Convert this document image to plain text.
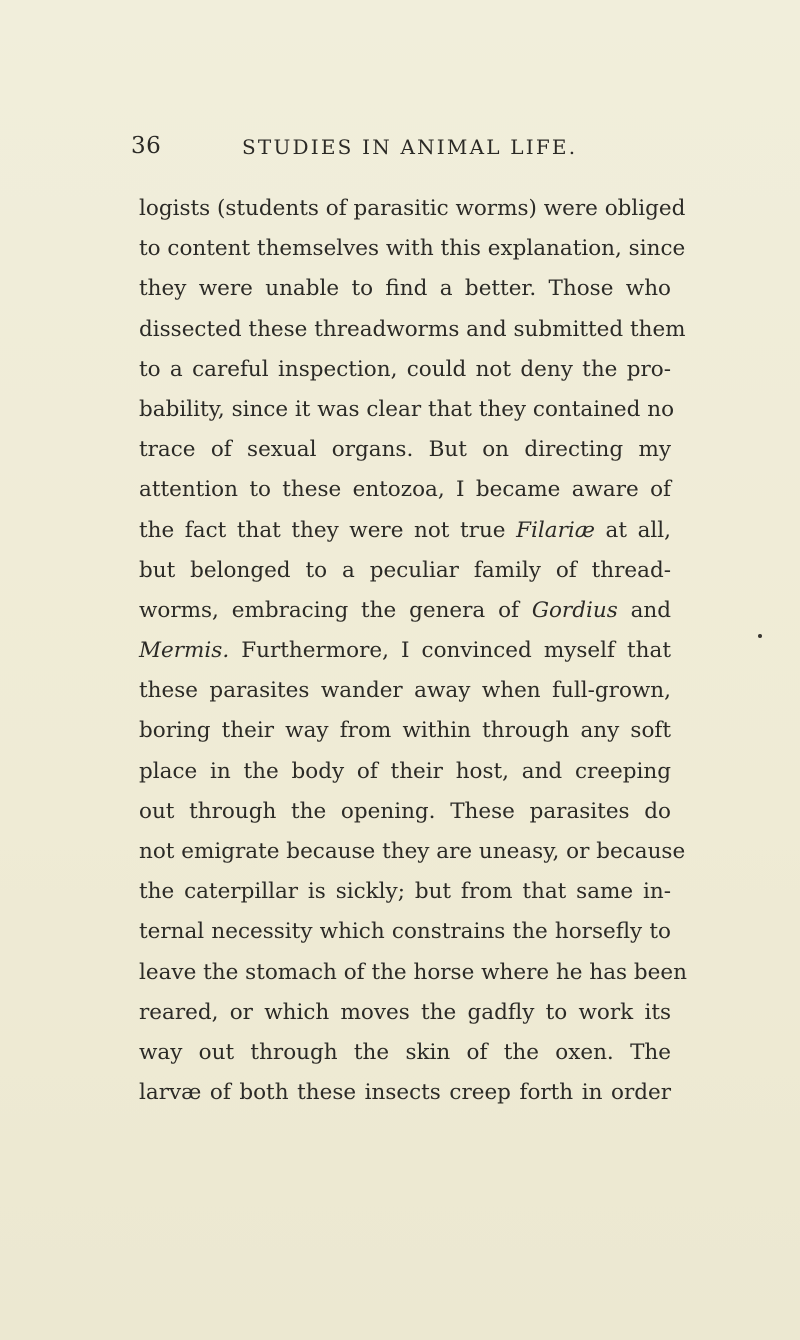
36	STUDIES IN ANIMAL LIFE.
logists (students of parasitic worms) were obliged
to content themselves with this explanation, since
they were unable to find a better. Those who
dissected these threadworms and submitted them
to a careful inspection, could not deny the pro-
bability, since it was clear that they contained no
trace of sexual organs. But on directing my
attention to these entozoa, I became aware of
the fact that they were not true Filariæ at all,
but belonged to a peculiar family of thread-
worms, embracing the genera of Gordius and
Mermis. Furthermore, I convinced myself that
these parasites wander away when full-grown,
boring their way from within through any soft
place in the body of their host, and creeping
out through the opening. These parasites do
not emigrate because they are uneasy, or because
the caterpillar is sickly; but from that same in-
ternal necessity which constrains the horsefly to
leave the stomach of the horse where he has been
reared, or which moves the gadfly to work its
way out through the skin of the oxen. The
larvæ of both these insects creep forth in order
